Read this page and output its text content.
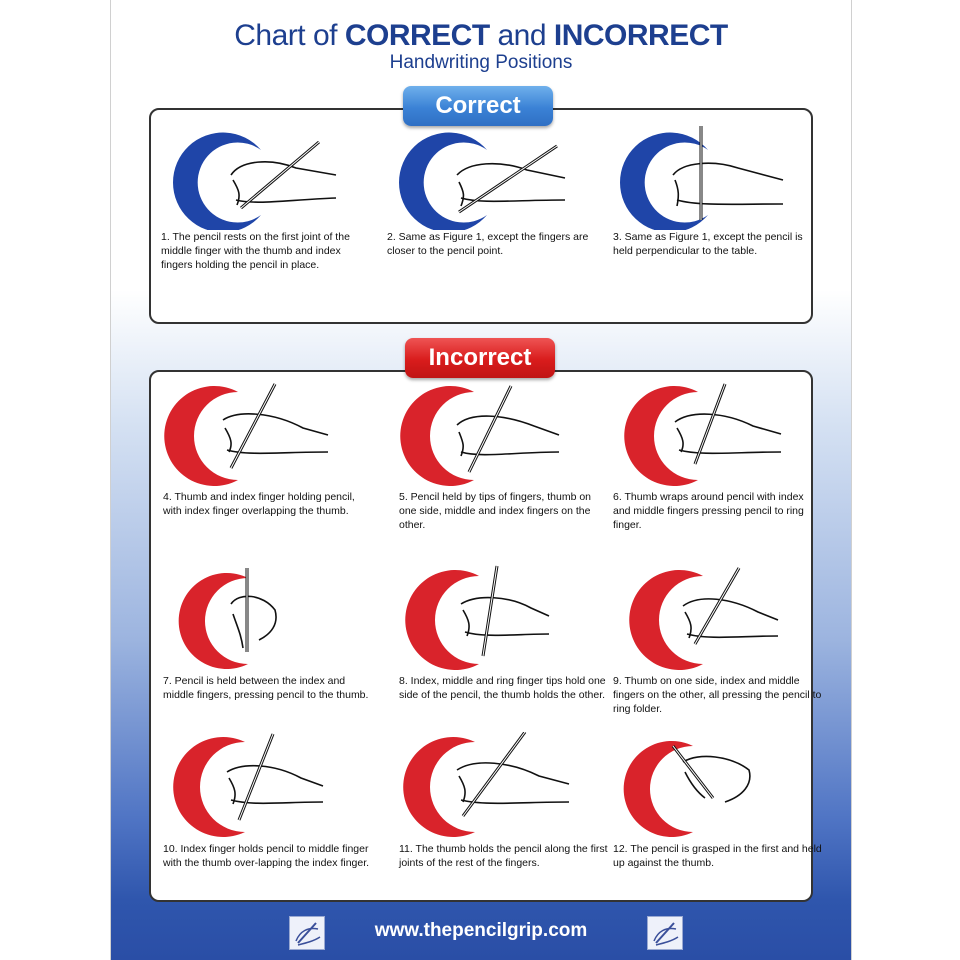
Chart of CORRECT and INCORRECT
Handwriting Positions

1. The pencil rests on the first joint of the middle finger with the thumb and index fingers holding the pencil in place.

2. Same as Figure 1, except the fingers are closer to the pencil point.

3. Same as Figure 1, except the pencil is held perpendicular to the table.

Correct

4. Thumb and index finger holding pencil, with index finger overlapping the thumb.

5. Pencil held by tips of fingers, thumb on one side, middle and index fingers on the other.

6. Thumb wraps around pencil with index and middle fingers pressing pencil to ring finger.

7. Pencil is held between the index and middle fingers, pressing pencil to the thumb.

8. Index, middle and ring finger tips hold one side of the pencil, the thumb holds the other.

9. Thumb on one side, index and middle fingers on the other, all pressing the pencil to ring folder.

10. Index finger holds pencil to middle finger with the thumb over-lapping the index finger.

11. The thumb holds the pencil along the first joints of the rest of the fingers.

12. The pencil is grasped in the first and held up against the thumb.

Incorrect
www.thepencilgrip.com
